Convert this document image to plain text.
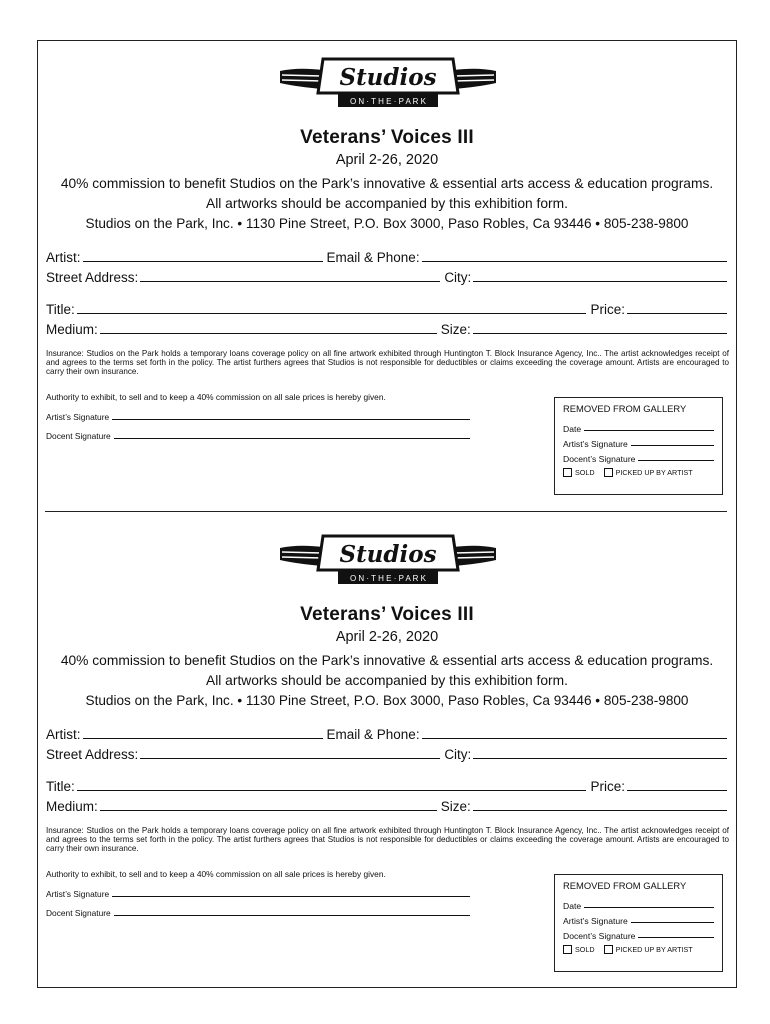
Studios
O N · T H E · P A R K
Veterans’ Voices III
April 2-26, 2020
40% commission to benefit Studios on the Park’s innovative & essential arts access & education programs.
All artworks should be accompanied by this exhibition form.
Studios on the Park, Inc. • 1130 Pine Street, P.O. Box 3000, Paso Robles, Ca 93446 • 805-238-9800
Artist:	Email & Phone:
Street Address:	City:
Title:	Price:
Medium:	Size:
Insurance: Studios on the Park holds a temporary loans coverage policy on all fine artwork exhibited through Huntington T. Block Insurance Agency, Inc.. The artist acknowledges receipt of and agrees to the terms set forth in the policy. The artist furthers agrees that Studios is not responsible for deductibles or claims exceeding the coverage amount. Artists are encouraged to carry their own insurance.
Authority to exhibit, to sell and to keep a 40% commission on all sale prices is hereby given.
Artist’s Signature
Docent Signature
REMOVED FROM GALLERY
Date
Artist’s Signature
Docent’s Signature
SOLD	PICKED UP BY ARTIST
Studios
O N · T H E · P A R K
Veterans’ Voices III
April 2-26, 2020
40% commission to benefit Studios on the Park’s innovative & essential arts access & education programs.
All artworks should be accompanied by this exhibition form.
Studios on the Park, Inc. • 1130 Pine Street, P.O. Box 3000, Paso Robles, Ca 93446 • 805-238-9800
Artist:	Email & Phone:
Street Address:	City:
Title:	Price:
Medium:	Size:
Insurance: Studios on the Park holds a temporary loans coverage policy on all fine artwork exhibited through Huntington T. Block Insurance Agency, Inc.. The artist acknowledges receipt of and agrees to the terms set forth in the policy. The artist furthers agrees that Studios is not responsible for deductibles or claims exceeding the coverage amount. Artists are encouraged to carry their own insurance.
Authority to exhibit, to sell and to keep a 40% commission on all sale prices is hereby given.
Artist’s Signature
Docent Signature
REMOVED FROM GALLERY
Date
Artist’s Signature
Docent’s Signature
SOLD	PICKED UP BY ARTIST
